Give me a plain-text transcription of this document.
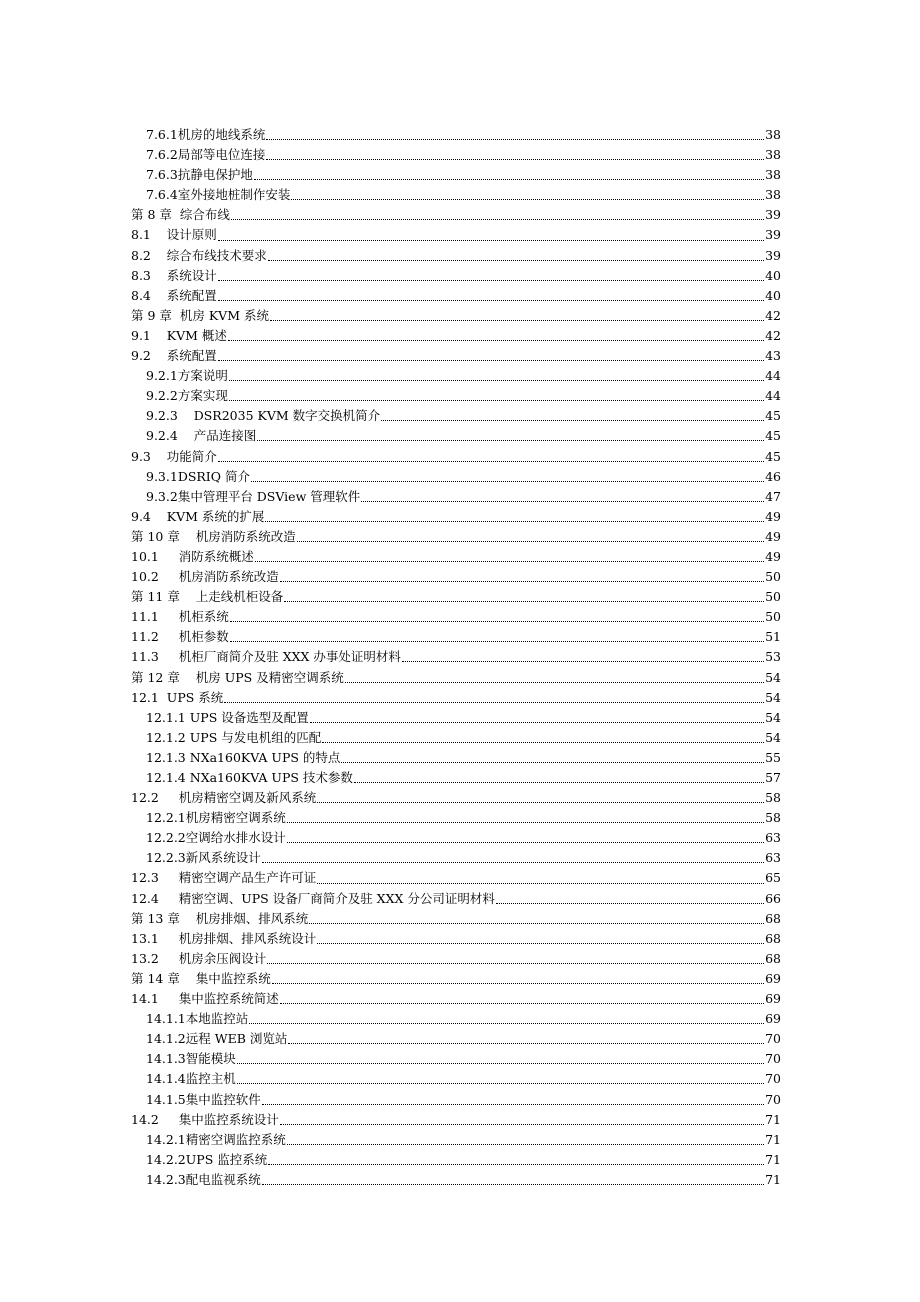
7.6.1机房的地线系统	38
7.6.2局部等电位连接	38
7.6.3抗静电保护地	38
7.6.4室外接地桩制作安装	38
第 8 章 综合布线	39
8.1 设计原则	39
8.2 综合布线技术要求	39
8.3 系统设计	40
8.4 系统配置	40
第 9 章 机房 KVM 系统	42
9.1 KVM 概述	42
9.2 系统配置	43
9.2.1方案说明	44
9.2.2方案实现	44
9.2.3 DSR2035 KVM 数字交换机简介	45
9.2.4 产品连接图	45
9.3 功能简介	45
9.3.1DSRIQ 简介	46
9.3.2集中管理平台 DSView 管理软件	47
9.4 KVM 系统的扩展	49
第 10 章 机房消防系统改造	49
10.1 消防系统概述	49
10.2 机房消防系统改造	50
第 11 章 上走线机柜设备	50
11.1 机柜系统	50
11.2 机柜参数	51
11.3 机柜厂商简介及驻 XXX 办事处证明材料	53
第 12 章 机房 UPS 及精密空调系统	54
12.1 UPS 系统	54
12.1.1 UPS 设备选型及配置	54
12.1.2 UPS 与发电机组的匹配	54
12.1.3 NXa160KVA UPS 的特点	55
12.1.4 NXa160KVA UPS 技术参数	57
12.2 机房精密空调及新风系统	58
12.2.1机房精密空调系统	58
12.2.2空调给水排水设计	63
12.2.3新风系统设计	63
12.3 精密空调产品生产许可证	65
12.4 精密空调、UPS 设备厂商简介及驻 XXX 分公司证明材料	66
第 13 章 机房排烟、排风系统	68
13.1 机房排烟、排风系统设计	68
13.2 机房余压阀设计	68
第 14 章 集中监控系统	69
14.1 集中监控系统简述	69
14.1.1本地监控站	69
14.1.2远程 WEB 浏览站	70
14.1.3智能模块	70
14.1.4监控主机	70
14.1.5集中监控软件	70
14.2 集中监控系统设计	71
14.2.1精密空调监控系统	71
14.2.2UPS 监控系统	71
14.2.3配电监视系统	71
